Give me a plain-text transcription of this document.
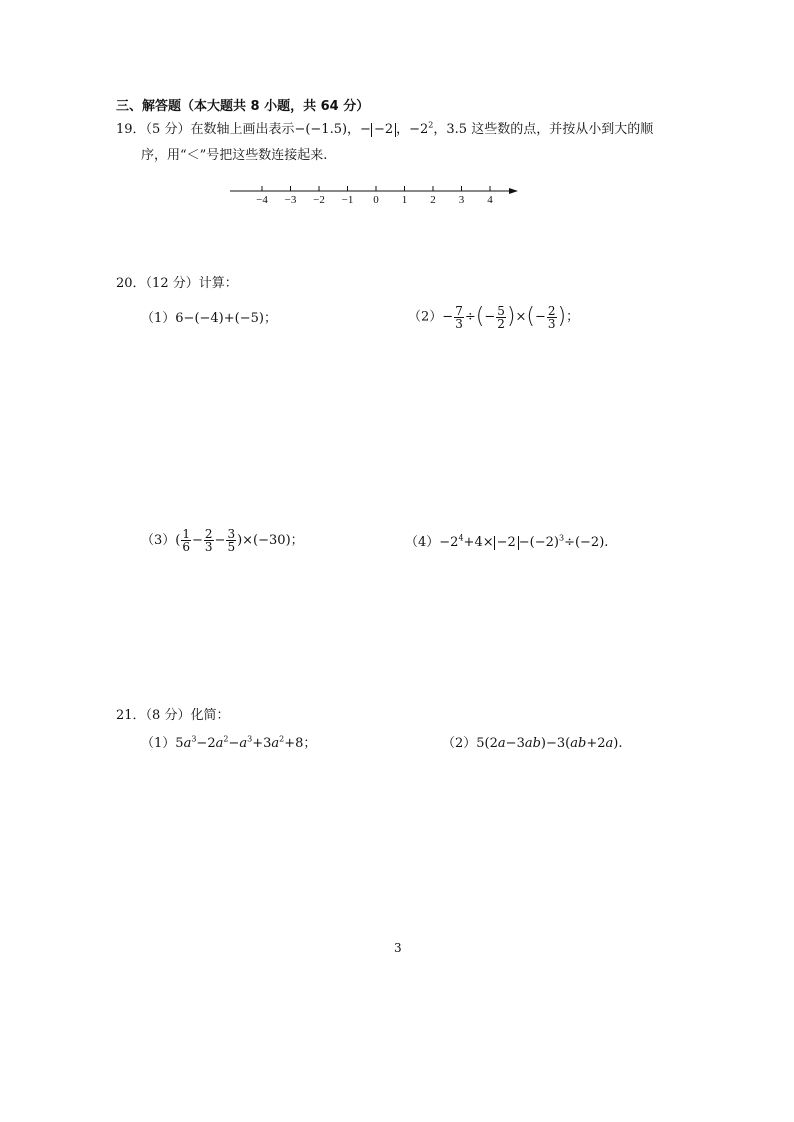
三、解答题（本大题共 8 小题，共 64 分）
19．（5 分）在数轴上画出表示−(−1.5)，− −2 ，$-2^2$，3.5 这些数的点，并按从小到大的顺
序，用“＜”号把这些数连接起来.
−4 −3 −2 −1 0 1 2 3 4
20．（12 分）计算：
（1）6−(−4)+(−5)；	$(2)- \frac{7}{3}$ ÷(− $\frac{5}{2}$ )×(− $\frac{2}{3}$ )；
$(3)( \frac{1}{6} - \frac{2}{3} - \frac{3}{5} )\times(-30)$；	$(4)-2^4+4\times -2 -(-2)^3\div(-2)$.
21．（8 分）化简：
$(1)5a^3-2a^2-a^3+3a^2+8$；	（2）5(2a−3ab)−3(ab+2a).
3
